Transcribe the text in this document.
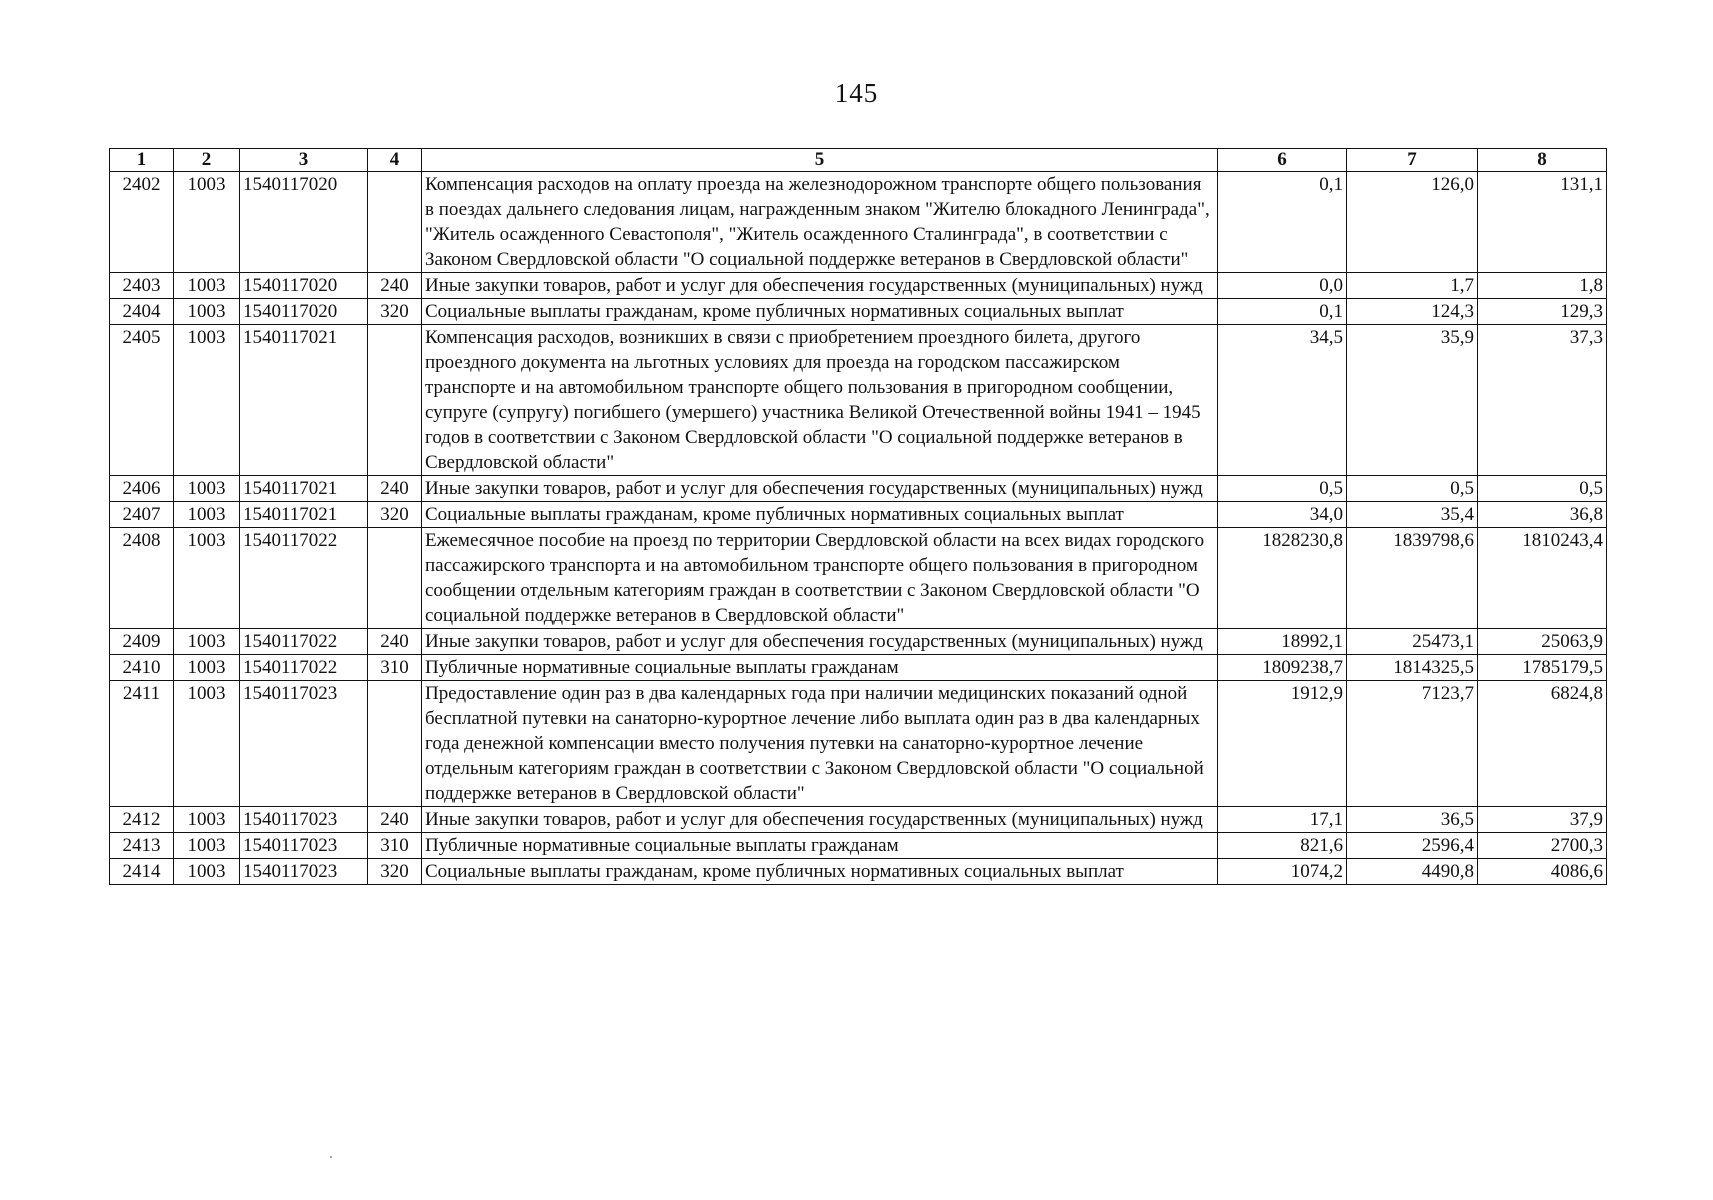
145
1	2	3	4	5	6	7	8
2402	1003	1540117020		Компенсация расходов на оплату проезда на железнодорожном транспорте общего пользования в поездах дальнего следования лицам, награжденным знаком "Жителю блокадного Ленинграда", "Житель осажденного Севастополя", "Житель осажденного Сталинграда", в соответствии с Законом Свердловской области "О социальной поддержке ветеранов в Свердловской области"	0,1	126,0	131,1
2403	1003	1540117020	240	Иные закупки товаров, работ и услуг для обеспечения государственных (муниципальных) нужд	0,0	1,7	1,8
2404	1003	1540117020	320	Социальные выплаты гражданам, кроме публичных нормативных социальных выплат	0,1	124,3	129,3
2405	1003	1540117021		Компенсация расходов, возникших в связи с приобретением проездного билета, другого проездного документа на льготных условиях для проезда на городском пассажирском транспорте и на автомобильном транспорте общего пользования в пригородном сообщении, супруге (супругу) погибшего (умершего) участника Великой Отечественной войны 1941 – 1945 годов в соответствии с Законом Свердловской области "О социальной поддержке ветеранов в Свердловской области"	34,5	35,9	37,3
2406	1003	1540117021	240	Иные закупки товаров, работ и услуг для обеспечения государственных (муниципальных) нужд	0,5	0,5	0,5
2407	1003	1540117021	320	Социальные выплаты гражданам, кроме публичных нормативных социальных выплат	34,0	35,4	36,8
2408	1003	1540117022		Ежемесячное пособие на проезд по территории Свердловской области на всех видах городского пассажирского транспорта и на автомобильном транспорте общего пользования в пригородном сообщении отдельным категориям граждан в соответствии с Законом Свердловской области "О социальной поддержке ветеранов в Свердловской области"	1828230,8	1839798,6	1810243,4
2409	1003	1540117022	240	Иные закупки товаров, работ и услуг для обеспечения государственных (муниципальных) нужд	18992,1	25473,1	25063,9
2410	1003	1540117022	310	Публичные нормативные социальные выплаты гражданам	1809238,7	1814325,5	1785179,5
2411	1003	1540117023		Предоставление один раз в два календарных года при наличии медицинских показаний одной бесплатной путевки на санаторно-курортное лечение либо выплата один раз в два календарных года денежной компенсации вместо получения путевки на санаторно-курортное лечение отдельным категориям граждан в соответствии с Законом Свердловской области "О социальной поддержке ветеранов в Свердловской области"	1912,9	7123,7	6824,8
2412	1003	1540117023	240	Иные закупки товаров, работ и услуг для обеспечения государственных (муниципальных) нужд	17,1	36,5	37,9
2413	1003	1540117023	310	Публичные нормативные социальные выплаты гражданам	821,6	2596,4	2700,3
2414	1003	1540117023	320	Социальные выплаты гражданам, кроме публичных нормативных социальных выплат	1074,2	4490,8	4086,6
